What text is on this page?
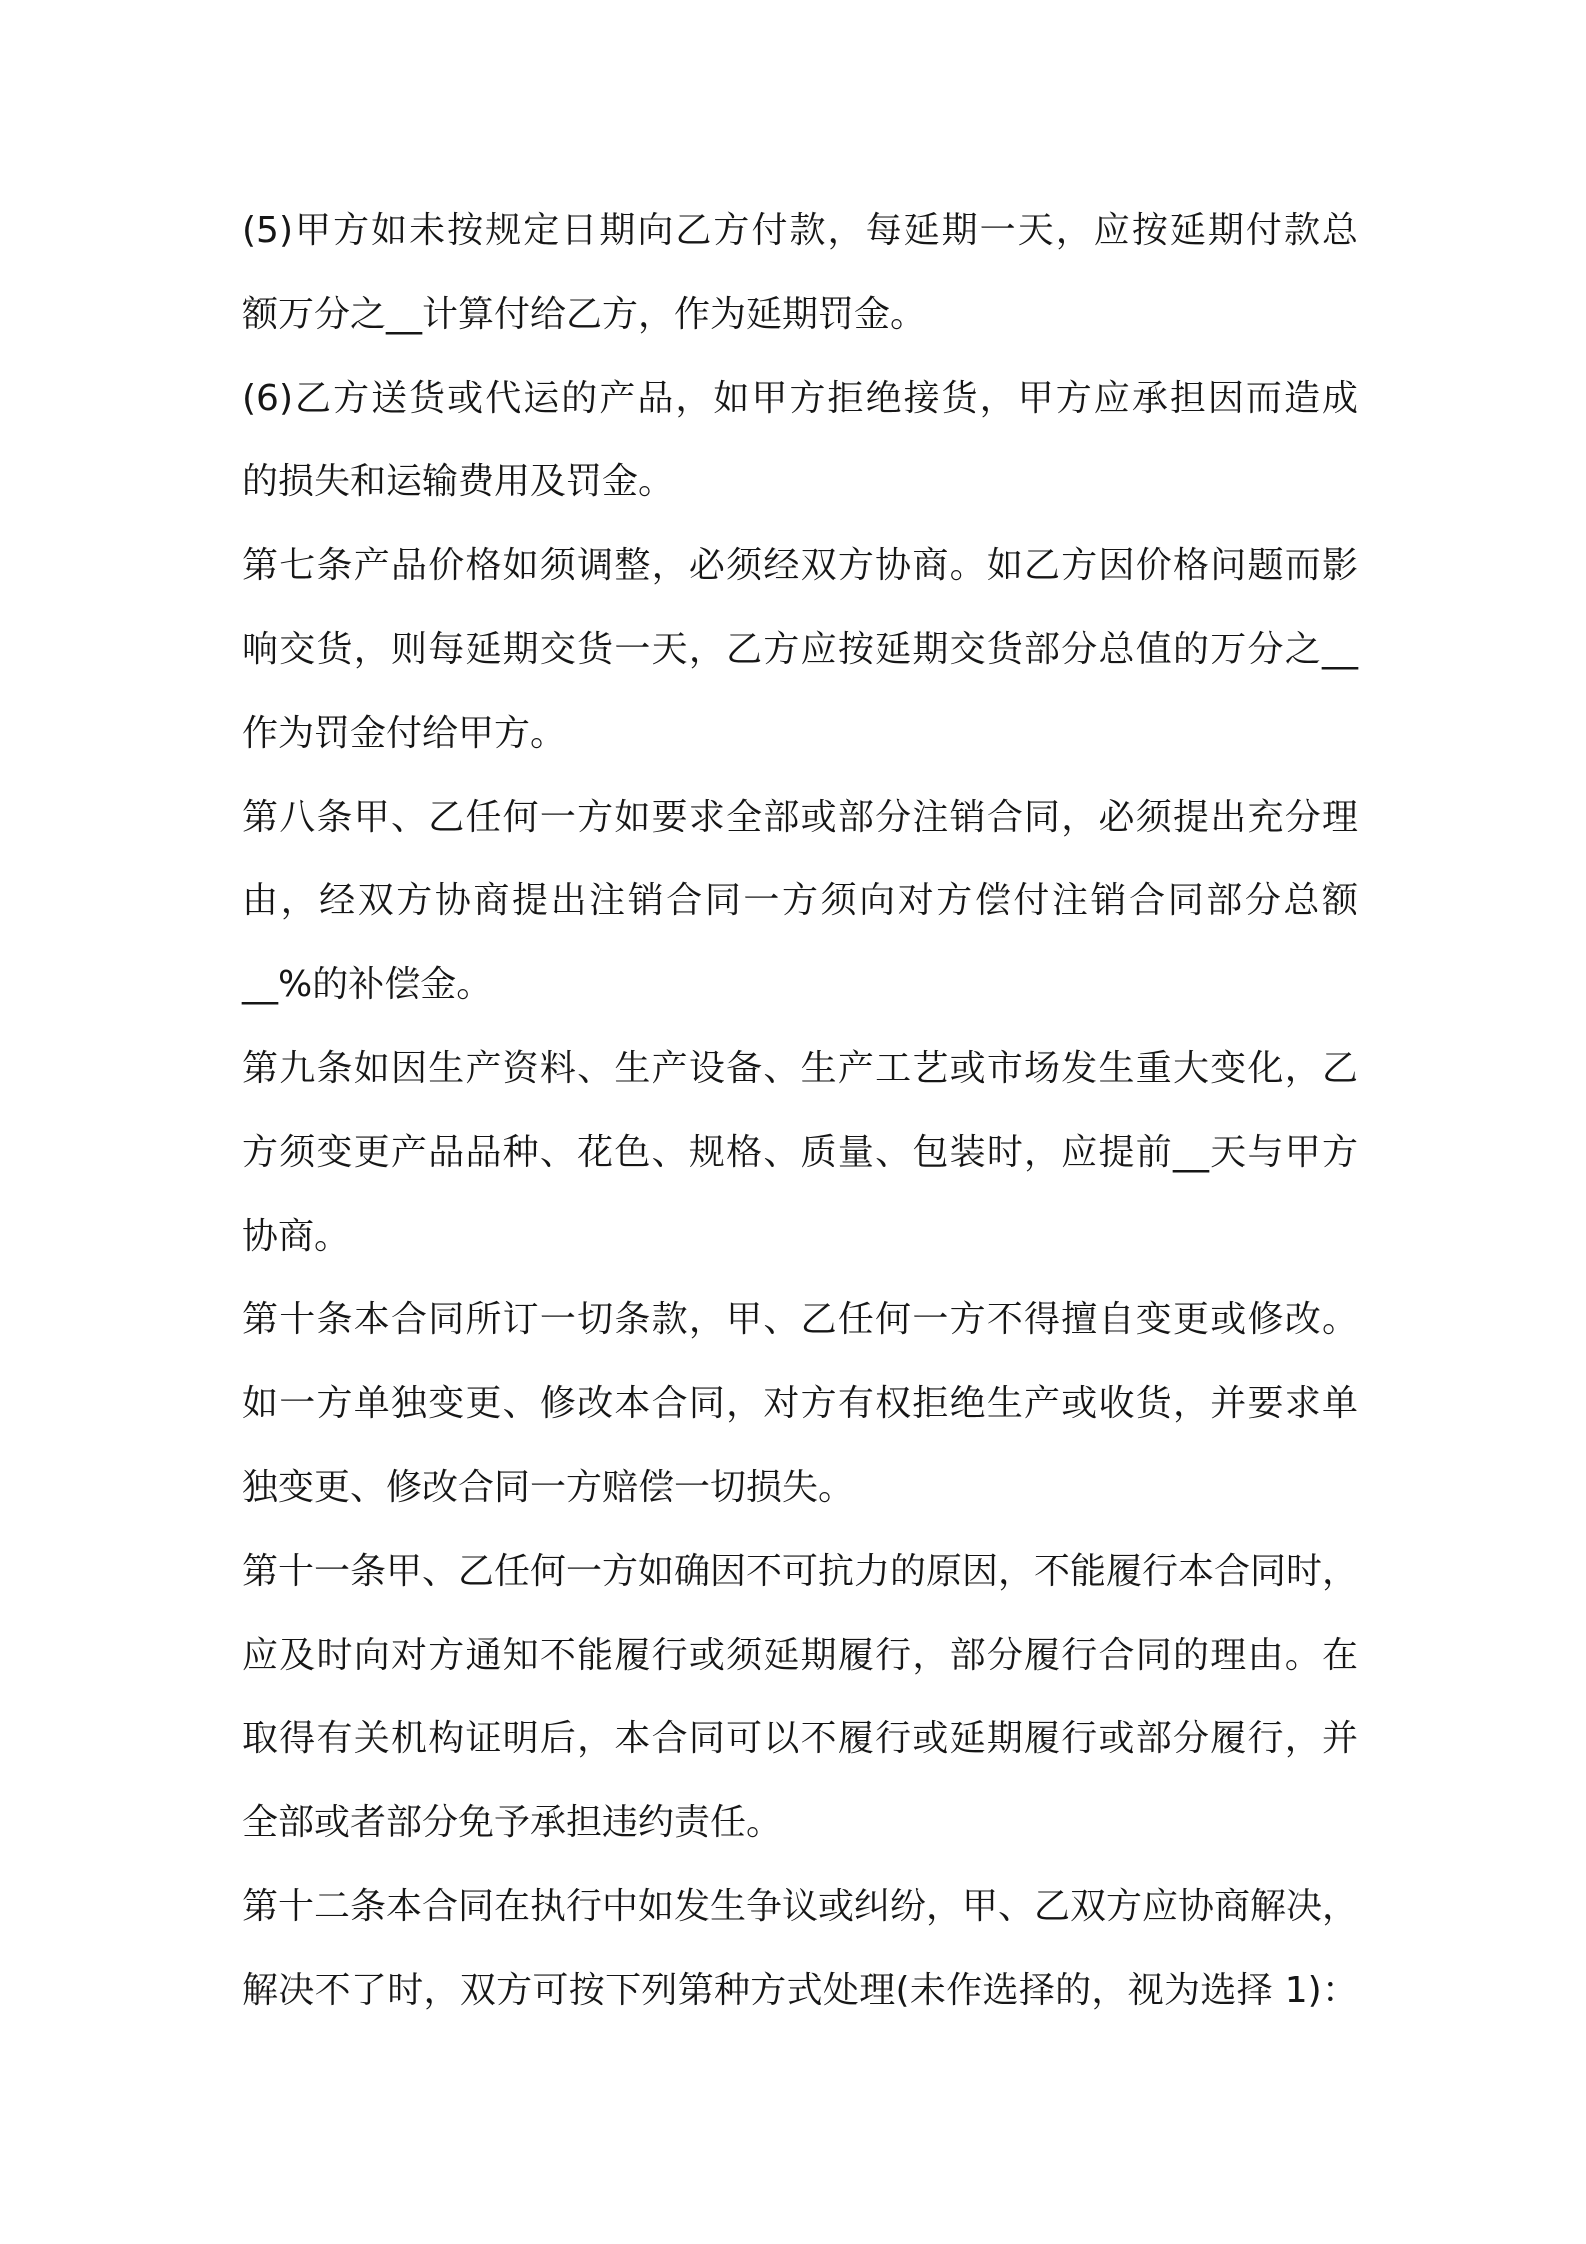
(5)甲方如未按规定日期向乙方付款，每延期一天，应按延期付款总
额万分之__计算付给乙方，作为延期罚金。
(6)乙方送货或代运的产品，如甲方拒绝接货，甲方应承担因而造成
的损失和运输费用及罚金。
第七条产品价格如须调整，必须经双方协商。如乙方因价格问题而影
响交货，则每延期交货一天，乙方应按延期交货部分总值的万分之__
作为罚金付给甲方。
第八条甲、乙任何一方如要求全部或部分注销合同，必须提出充分理
由，经双方协商提出注销合同一方须向对方偿付注销合同部分总额
__%的补偿金。
第九条如因生产资料、生产设备、生产工艺或市场发生重大变化，乙
方须变更产品品种、花色、规格、质量、包装时，应提前__天与甲方
协商。
第十条本合同所订一切条款，甲、乙任何一方不得擅自变更或修改。
如一方单独变更、修改本合同，对方有权拒绝生产或收货，并要求单
独变更、修改合同一方赔偿一切损失。
第十一条甲、乙任何一方如确因不可抗力的原因，不能履行本合同时，
应及时向对方通知不能履行或须延期履行，部分履行合同的理由。在
取得有关机构证明后，本合同可以不履行或延期履行或部分履行，并
全部或者部分免予承担违约责任。
第十二条本合同在执行中如发生争议或纠纷，甲、乙双方应协商解决，
解决不了时，双方可按下列第种方式处理(未作选择的，视为选择 1)：
